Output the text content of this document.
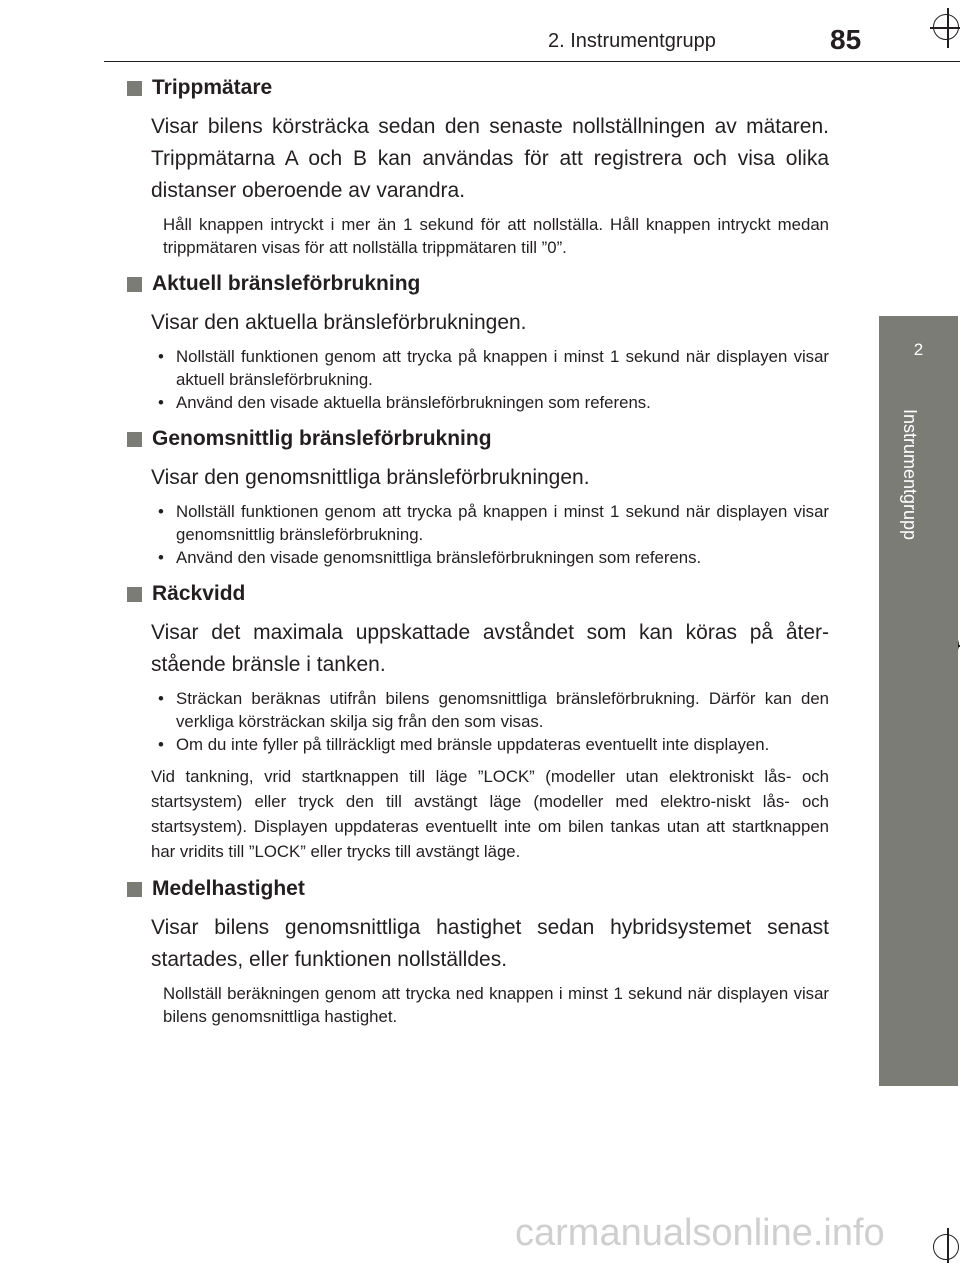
2. Instrumentgrupp	85
2
Instrumentgrupp
Trippmätare

Visar bilens körsträcka sedan den senaste nollställningen av mätaren. Trippmätarna A och B kan användas för att registrera och visa olika distanser oberoende av varandra.

Håll knappen intryckt i mer än 1 sekund för att nollställa. Håll knappen intryckt medan trippmätaren visas för att nollställa trippmätaren till ”0”.

Aktuell bränsleförbrukning

Visar den aktuella bränsleförbrukningen.

• Nollställ funktionen genom att trycka på knappen i minst 1 sekund när displayen visar aktuell bränsleförbrukning.
• Använd den visade aktuella bränsleförbrukningen som referens.
Genomsnittlig bränsleförbrukning

Visar den genomsnittliga bränsleförbrukningen.

• Nollställ funktionen genom att trycka på knappen i minst 1 sekund när displayen visar genomsnittlig bränsleförbrukning.
• Använd den visade genomsnittliga bränsleförbrukningen som referens.
Räckvidd

Visar det maximala uppskattade avståndet som kan köras på åter-stående bränsle i tanken.

• Sträckan beräknas utifrån bilens genomsnittliga bränsleförbrukning. Därför kan den verkliga körsträckan skilja sig från den som visas.
• Om du inte fyller på tillräckligt med bränsle uppdateras eventuellt inte displayen.

Vid tankning, vrid startknappen till läge ”LOCK” (modeller utan elektroniskt lås- och startsystem) eller tryck den till avstängt läge (modeller med elektro-niskt lås- och startsystem). Displayen uppdateras eventuellt inte om bilen tankas utan att startknappen har vridits till ”LOCK” eller trycks till avstängt läge.

Medelhastighet

Visar bilens genomsnittliga hastighet sedan hybridsystemet senast startades, eller funktionen nollställdes.

Nollställ beräkningen genom att trycka ned knappen i minst 1 sekund när displayen visar bilens genomsnittliga hastighet.

carmanualsonline.info
